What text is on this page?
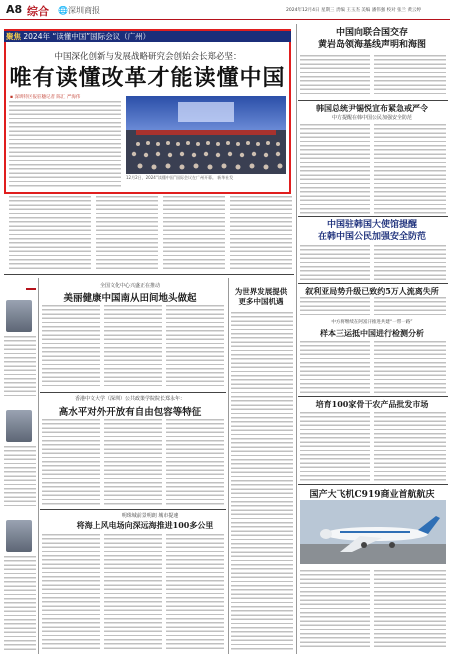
A8 综合 🌐深圳商报	2024年12月4日 星期三 责编 王玉杰 美编 潘伟强 校对 张兰 黄云婷
聚焦 2024年 “读懂中国”国际会议（广州）
中国深化创新与发展战略研究会创始会长郑必坚：
唯有读懂改革才能读懂中国
▪ 深圳特区报驻穗记者 陈汇 严海伟
12月2日，2024“读懂中国”国际会议在广州开幕。 新华社发
中国向联合国交存
黄岩岛领海基线声明和海图
韩国总统尹锡悦宣布紧急戒严令
中方提醒在韩中国公民加强安全防范
中国驻韩国大使馆提醒
在韩中国公民加强安全防范
叙利亚局势升级已致约5万人流离失所
中方将继续在阿富汗推进共建“一带一路”
样本三运抵中国进行检测分析
培育100家骨干农产品批发市场
国产大飞机C919商业首航航庆
全国文化中心兴盛正在推动
美丽健康中国南从田间地头做起
香港中文大学（深圳）公共政策学院院长郑永年：
高水平对外开放有自由包容等特征
明珠城前景明朗 城市提速
将海上风电场向深远海推进100多公里
为世界发展提供
更多中国机遇
